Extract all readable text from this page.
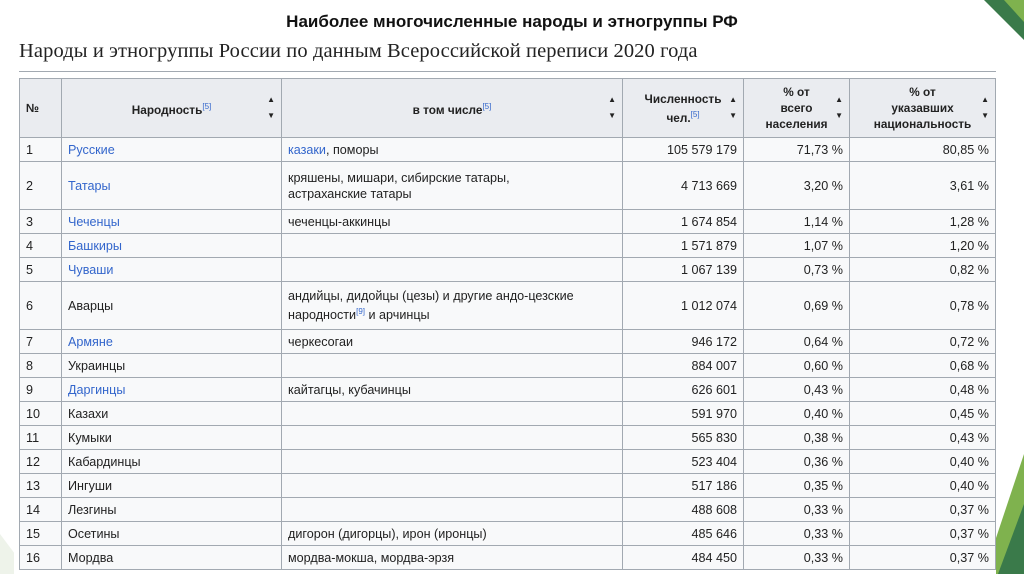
Наиболее многочисленные народы и этногруппы РФ
Народы и этногруппы России по данным Всероссийской переписи 2020 года
№	Народность[5]
▲
▼	в том числе[5]
▲
▼	Численность
чел.[5]
▲
▼	% от
всего
населения
▲
▼	% от
указавших
национальность
▲
▼

1	Русские	казаки, поморы	105 579 179	71,73 %	80,85 %
2	Татары	кряшены, мишари, сибирские татары,
астраханские татары	4 713 669	3,20 %	3,61 %
3	Чеченцы	чеченцы-аккинцы	1 674 854	1,14 %	1,28 %
4	Башкиры		1 571 879	1,07 %	1,20 %
5	Чуваши		1 067 139	0,73 %	0,82 %
6	Аварцы	андийцы, дидойцы (цезы) и другие андо-цезские
народности[9] и арчинцы	1 012 074	0,69 %	0,78 %
7	Армяне	черкесогаи	946 172	0,64 %	0,72 %
8	Украинцы		884 007	0,60 %	0,68 %
9	Даргинцы	кайтагцы, кубачинцы	626 601	0,43 %	0,48 %
10	Казахи		591 970	0,40 %	0,45 %
11	Кумыки		565 830	0,38 %	0,43 %
12	Кабардинцы		523 404	0,36 %	0,40 %
13	Ингуши		517 186	0,35 %	0,40 %
14	Лезгины		488 608	0,33 %	0,37 %
15	Осетины	дигорон (дигорцы), ирон (иронцы)	485 646	0,33 %	0,37 %
16	Мордва	мордва-мокша, мордва-эрзя	484 450	0,33 %	0,37 %
